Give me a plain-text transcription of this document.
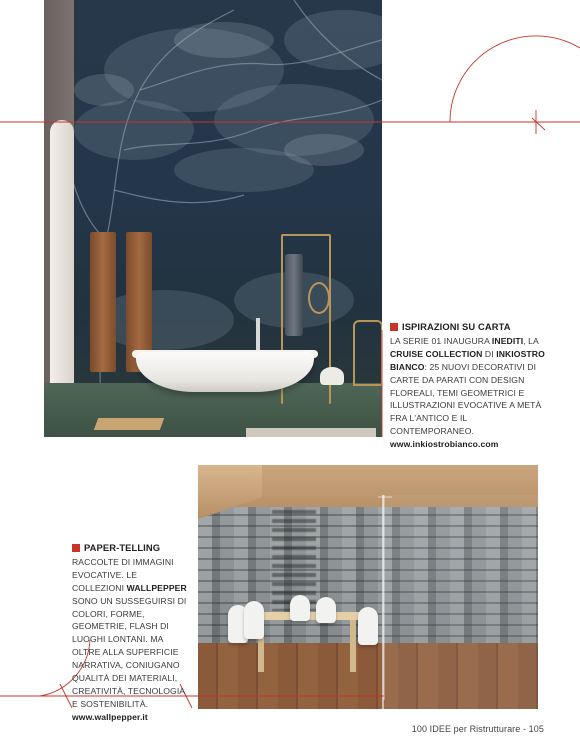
ISPIRAZIONI SU CARTA
LA SERIE 01 INAUGURA INEDITI, LA CRUISE COLLECTION DI INKIOSTRO BIANCO: 25 NUOVI DECORATIVI DI CARTE DA PARATI CON DESIGN FLOREALI, TEMI GEOMETRICI E ILLUSTRAZIONI EVOCATIVE A METÀ FRA L'ANTICO E IL CONTEMPORANEO.
www.inkiostrobianco.com
PAPER-TELLING
RACCOLTE DI IMMAGINI EVOCATIVE. LE COLLEZIONI WALLPEPPER SONO UN SUSSEGUIRSI DI COLORI, FORME, GEOMETRIE, FLASH DI LUOGHI LONTANI. MA OLTRE ALLA SUPERFICIE NARRATIVA, CONIUGANO QUALITÀ DEI MATERIALI, CREATIVITÀ, TECNOLOGIA E SOSTENIBILITÀ.
www.wallpepper.it
100 IDEE per Ristrutturare - 105
